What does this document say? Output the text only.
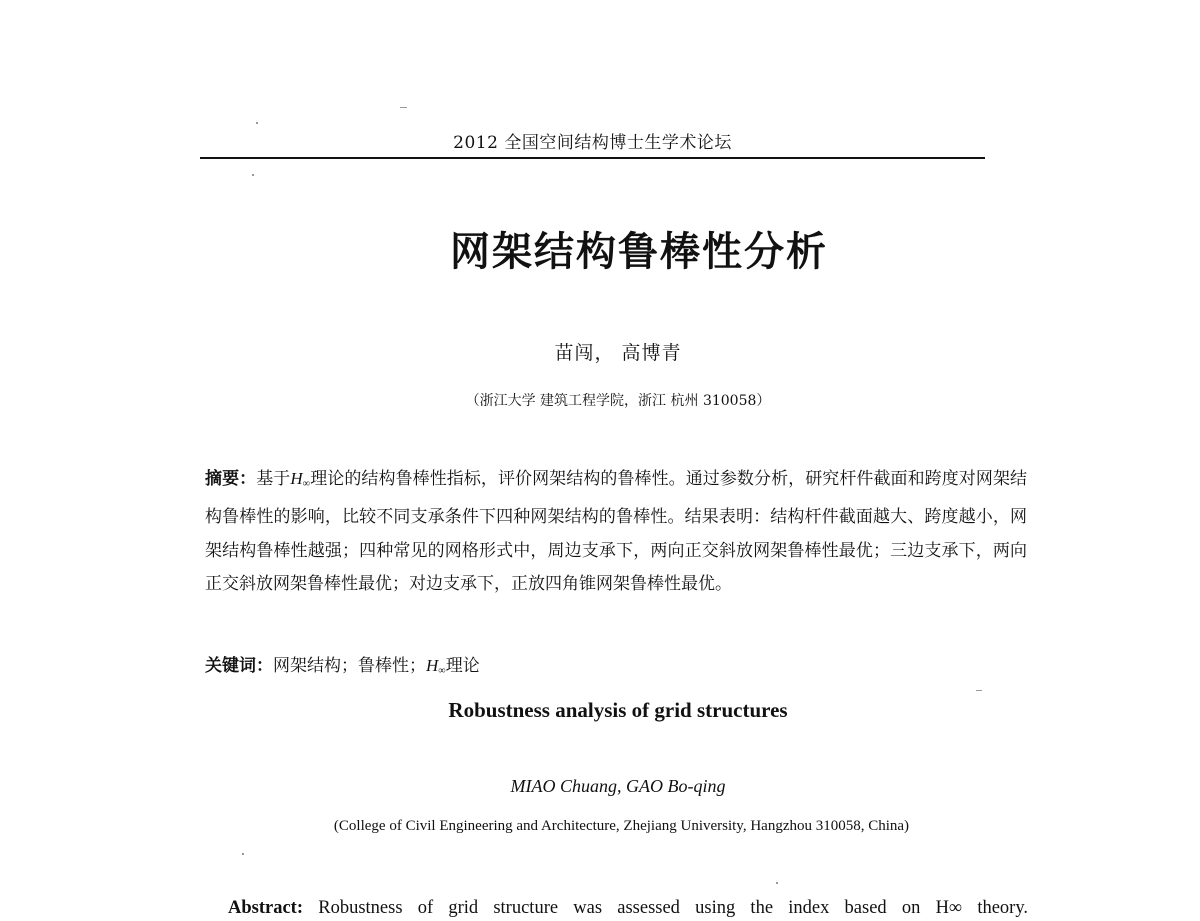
2012 全国空间结构博士生学术论坛
网架结构鲁棒性分析
苗闯， 高博青
（浙江大学 建筑工程学院，浙江 杭州 310058）
摘要：基于$H_\infty$理论的结构鲁棒性指标，评价网架结构的鲁棒性。通过参数分析，研究杆件截面和跨度对网架结构鲁棒性的影响，比较不同支承条件下四种网架结构的鲁棒性。结果表明：结构杆件截面越大、跨度越小，网架结构鲁棒性越强；四种常见的网格形式中，周边支承下，两向正交斜放网架鲁棒性最优；三边支承下，两向正交斜放网架鲁棒性最优；对边支承下，正放四角锥网架鲁棒性最优。
关键词：网架结构；鲁棒性；$H_\infty$理论
Robustness analysis of grid structures
MIAO Chuang, GAO Bo-qing
(College of Civil Engineering and Architecture, Zhejiang University, Hangzhou 310058, China)
Abstract: Robustness of grid structure was assessed using the index based on H∞ theory.
